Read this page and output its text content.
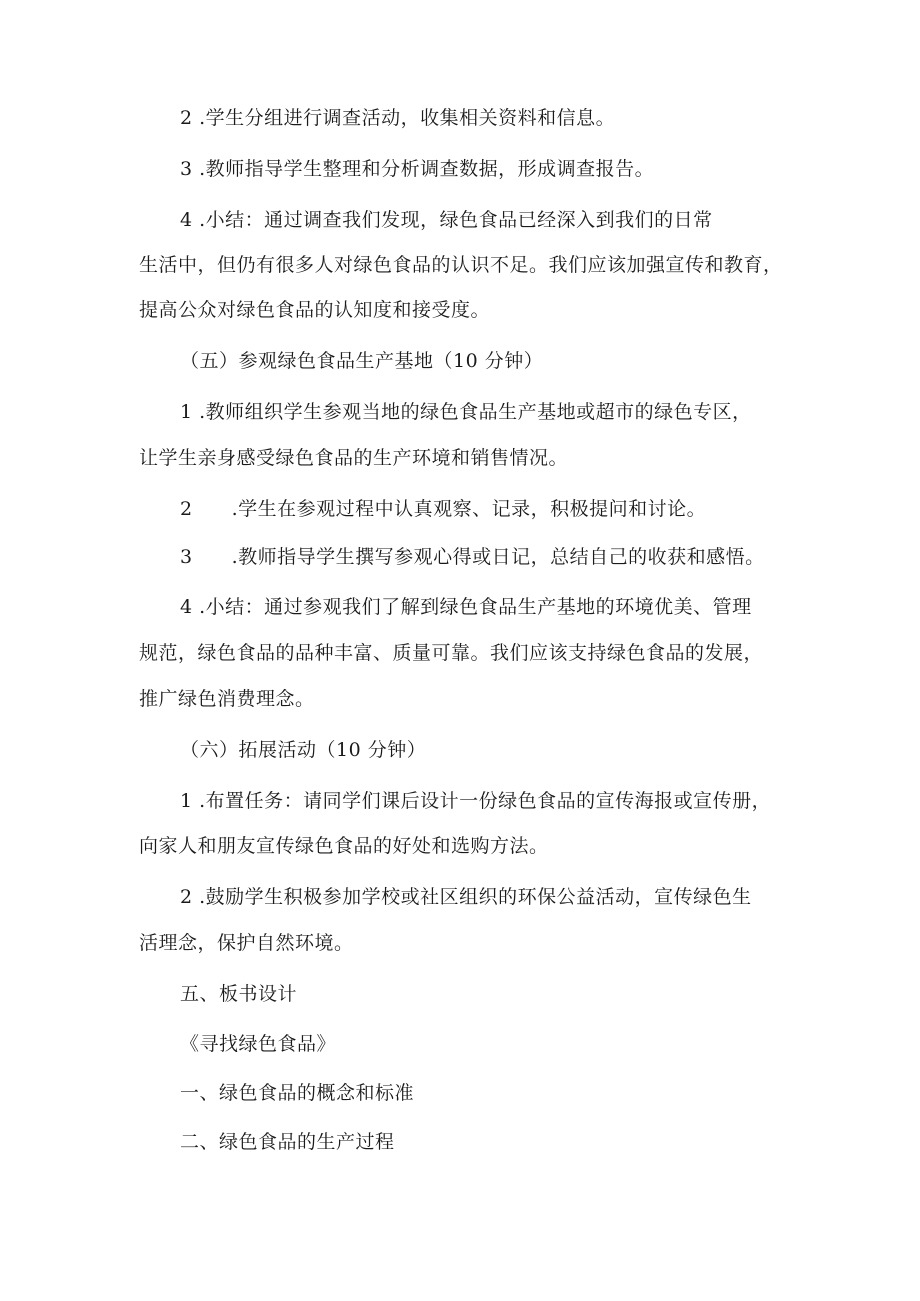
2 .学生分组进行调查活动，收集相关资料和信息。
3 .教师指导学生整理和分析调查数据，形成调查报告。
4 .小结：通过调查我们发现，绿色食品已经深入到我们的日常
生活中，但仍有很多人对绿色食品的认识不足。我们应该加强宣传和教育，
提高公众对绿色食品的认知度和接受度。
（五）参观绿色食品生产基地（10 分钟）
1 .教师组织学生参观当地的绿色食品生产基地或超市的绿色专区，
让学生亲身感受绿色食品的生产环境和销售情况。
2　　.学生在参观过程中认真观察、记录，积极提问和讨论。
3　　.教师指导学生撰写参观心得或日记，总结自己的收获和感悟。
4 .小结：通过参观我们了解到绿色食品生产基地的环境优美、管理
规范，绿色食品的品种丰富、质量可靠。我们应该支持绿色食品的发展，
推广绿色消费理念。
（六）拓展活动（10 分钟）
1 .布置任务：请同学们课后设计一份绿色食品的宣传海报或宣传册，
向家人和朋友宣传绿色食品的好处和选购方法。
2 .鼓励学生积极参加学校或社区组织的环保公益活动，宣传绿色生
活理念，保护自然环境。
五、板书设计
《寻找绿色食品》
一、绿色食品的概念和标准
二、绿色食品的生产过程
